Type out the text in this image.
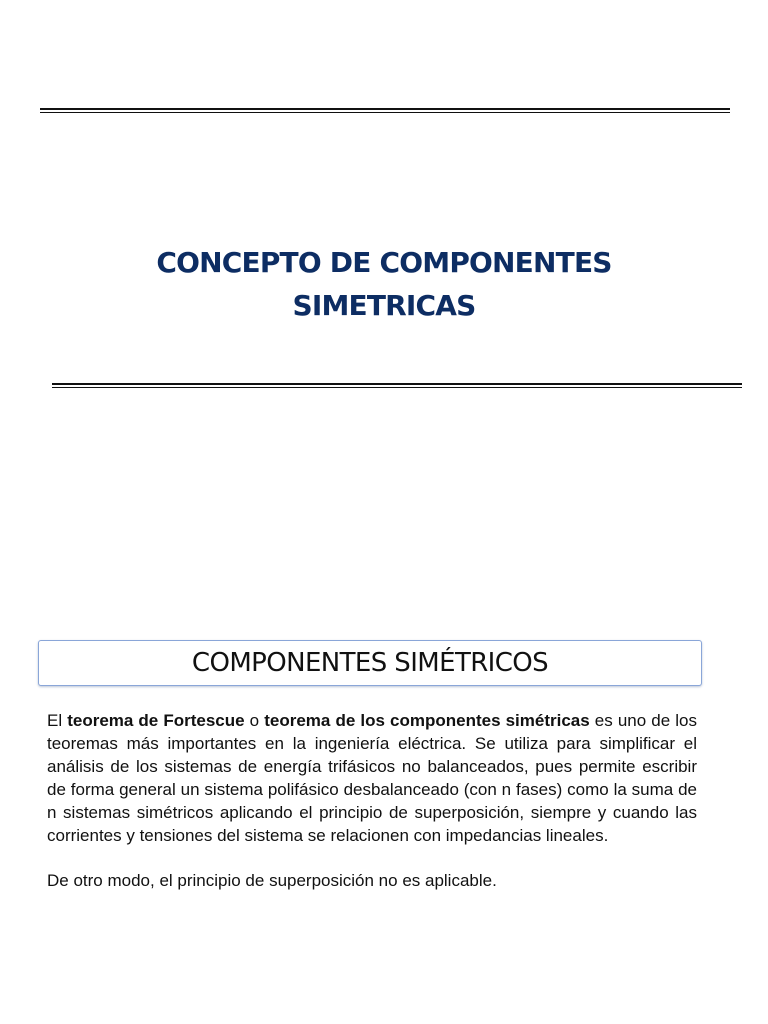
CONCEPTO DE COMPONENTES
SIMETRICAS
COMPONENTES SIMÉTRICOS

El teorema de Fortescue o teorema de los componentes simétricas es uno de los teoremas más importantes en la ingeniería eléctrica. Se utiliza para simplificar el análisis de los sistemas de energía trifásicos no balanceados, pues permite escribir de forma general un sistema polifásico desbalanceado (con n fases) como la suma de n sistemas simétricos aplicando el principio de superposición, siempre y cuando las corrientes y tensiones del sistema se relacionen con impedancias lineales.

De otro modo, el principio de superposición no es aplicable.
